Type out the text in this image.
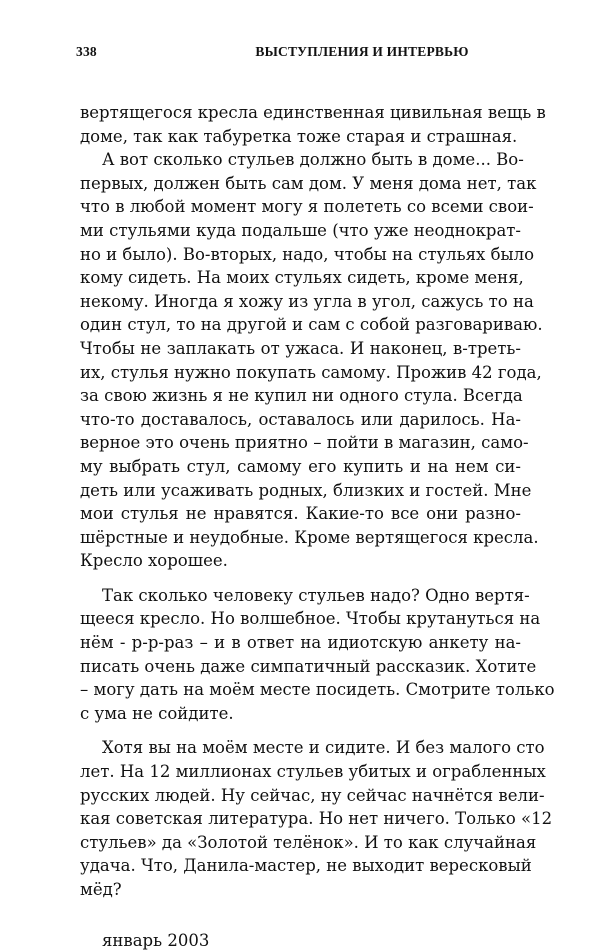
338	ВЫСТУПЛЕНИЯ И ИНТЕРВЬЮ
вертящегося кресла единственная цивильная вещь в
доме, так как табуретка тоже старая и страшная.
А вот сколько стульев должно быть в доме... Во-
первых, должен быть сам дом. У меня дома нет, так
что в любой момент могу я полететь со всеми свои-
ми стульями куда подальше (что уже неоднократ-
но и было). Во-вторых, надо, чтобы на стульях было
кому сидеть. На моих стульях сидеть, кроме меня,
некому. Иногда я хожу из угла в угол, сажусь то на
один стул, то на другой и сам с собой разговариваю.
Чтобы не заплакать от ужаса. И наконец, в-треть-
их, стулья нужно покупать самому. Прожив 42 года,
за свою жизнь я не купил ни одного стула. Всегда
что-то доставалось, оставалось или дарилось. На-
верное это очень приятно – пойти в магазин, само-
му выбрать стул, самому его купить и на нем си-
деть или усаживать родных, близких и гостей. Мне
мои стулья не нравятся. Какие-то все они разно-
шёрстные и неудобные. Кроме вертящегося кресла.
Кресло хорошее.
Так сколько человеку стульев надо? Одно вертя-
щееся кресло. Но волшебное. Чтобы крутануться на
нём - р-р-раз – и в ответ на идиотскую анкету на-
писать очень даже симпатичный рассказик. Хотите
– могу дать на моём месте посидеть. Смотрите только
с ума не сойдите.
Хотя вы на моём месте и сидите. И без малого сто
лет. На 12 миллионах стульев убитых и ограбленных
русских людей. Ну сейчас, ну сейчас начнётся вели-
кая советская литература. Но нет ничего. Только «12
стульев» да «Золотой телёнок». И то как случайная
удача. Что, Данила-мастер, не выходит вересковый
мёд?

январь 2003
